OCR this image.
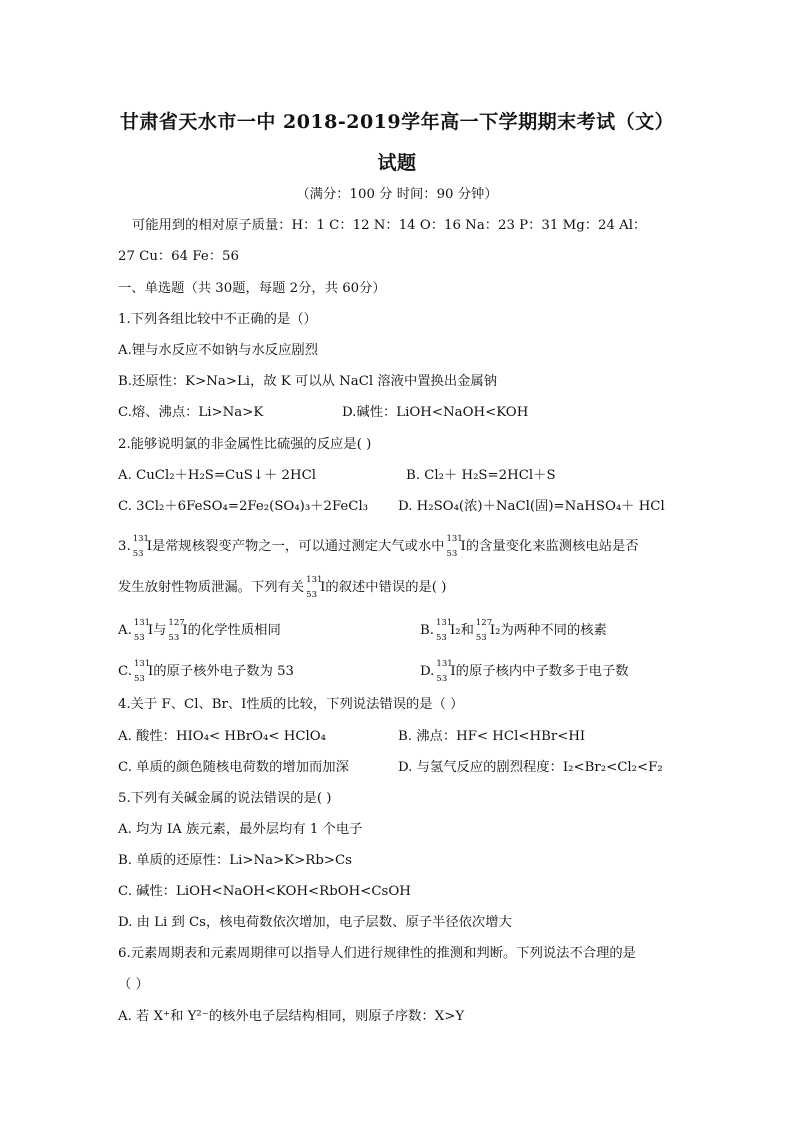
甘肃省天水市一中 2018-2019学年高一下学期期末考试（文）
试题
（满分：100 分 时间：90 分钟）
可能用到的相对原子质量：H：1 C：12 N：14 O：16 Na：23 P：31 Mg：24 Al：
27 Cu：64 Fe：56
一、单选题（共 30题，每题 2分，共 60分）
1.下列各组比较中不正确的是（）
A.锂与水反应不如钠与水反应剧烈
B.还原性：K>Na>Li，故 K 可以从 NaCl 溶液中置换出金属钠
C.熔、沸点：Li>Na>K	D.碱性：LiOH<NaOH<KOH
2.能够说明氯的非金属性比硫强的反应是( )
A. CuCl₂＋H₂S=CuS↓＋ 2HCl	B. Cl₂＋ H₂S=2HCl＋S
C. 3Cl₂＋6FeSO₄=2Fe₂(SO₄)₃＋2FeCl₃ D. H₂SO₄(浓)＋NaCl(固)=NaHSO₄＋ HCl
3. 131
53 I是常规核裂变产物之一，可以通过测定大气或水中 131
53 I的含量变化来监测核电站是否
发生放射性物质泄漏。下列有关 131
53 I的叙述中错误的是( )
A. 131
53 I与 127
53 I的化学性质相同	B. 131
53 I₂和 127
53 I₂为两种不同的核素
C. 131
53 I的原子核外电子数为 53	D. 131
53 I的原子核内中子数多于电子数
4.关于 F、Cl、Br、I性质的比较，下列说法错误的是（ ）
A. 酸性：HIO₄< HBrO₄< HClO₄	B. 沸点：HF< HCl<HBr<HI
C. 单质的颜色随核电荷数的增加而加深	D. 与氢气反应的剧烈程度：I₂<Br₂<Cl₂<F₂
5.下列有关碱金属的说法错误的是( )
A. 均为 IA 族元素，最外层均有 1 个电子
B. 单质的还原性：Li>Na>K>Rb>Cs
C. 碱性：LiOH<NaOH<KOH<RbOH<CsOH
D. 由 Li 到 Cs，核电荷数依次增加，电子层数、原子半径依次增大
6.元素周期表和元素周期律可以指导人们进行规律性的推测和判断。下列说法不合理的是
（ ）
A. 若 X⁺和 Y²⁻的核外电子层结构相同，则原子序数：X>Y
